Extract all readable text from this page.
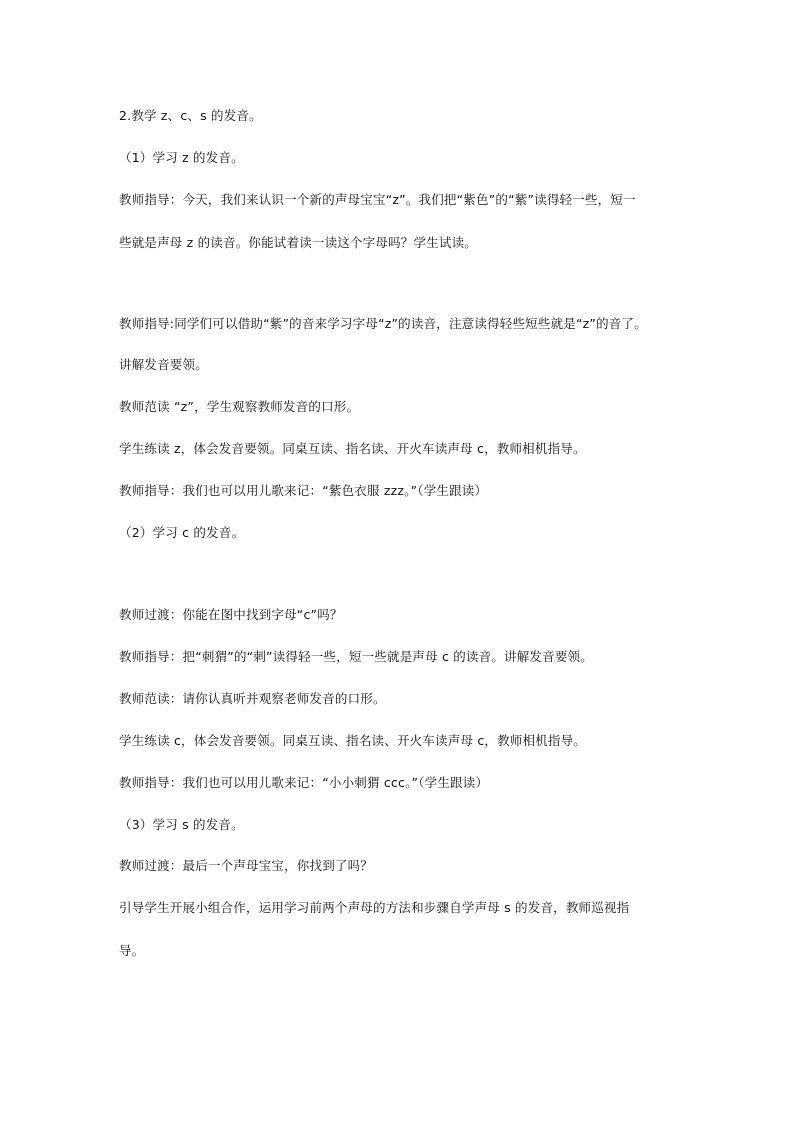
2.教学 z、c、s 的发音。
（1）学习 z 的发音。
教师指导：今天，我们来认识一个新的声母宝宝“z”。我们把“紫色”的“紫”读得轻一些，短一
些就是声母 z 的读音。你能试着读一读这个字母吗？学生试读。
教师指导:同学们可以借助“紫”的音来学习字母“z”的读音，注意读得轻些短些就是“z”的音了。
讲解发音要领。
教师范读 “z”，学生观察教师发音的口形。
学生练读 z，体会发音要领。同桌互读、指名读、开火车读声母 c，教师相机指导。
教师指导：我们也可以用儿歌来记：“紫色衣服 zzz。”（学生跟读）
（2）学习 c 的发音。
教师过渡：你能在图中找到字母“c”吗？
教师指导：把“刺猬”的“刺”读得轻一些，短一些就是声母 c 的读音。讲解发音要领。
教师范读：请你认真听并观察老师发音的口形。
学生练读 c，体会发音要领。同桌互读、指名读、开火车读声母 c，教师相机指导。
教师指导：我们也可以用儿歌来记：“小小刺猬 ccc。”（学生跟读）
（3）学习 s 的发音。
教师过渡：最后一个声母宝宝，你找到了吗？
引导学生开展小组合作，运用学习前两个声母的方法和步骤自学声母 s 的发音，教师巡视指
导。
